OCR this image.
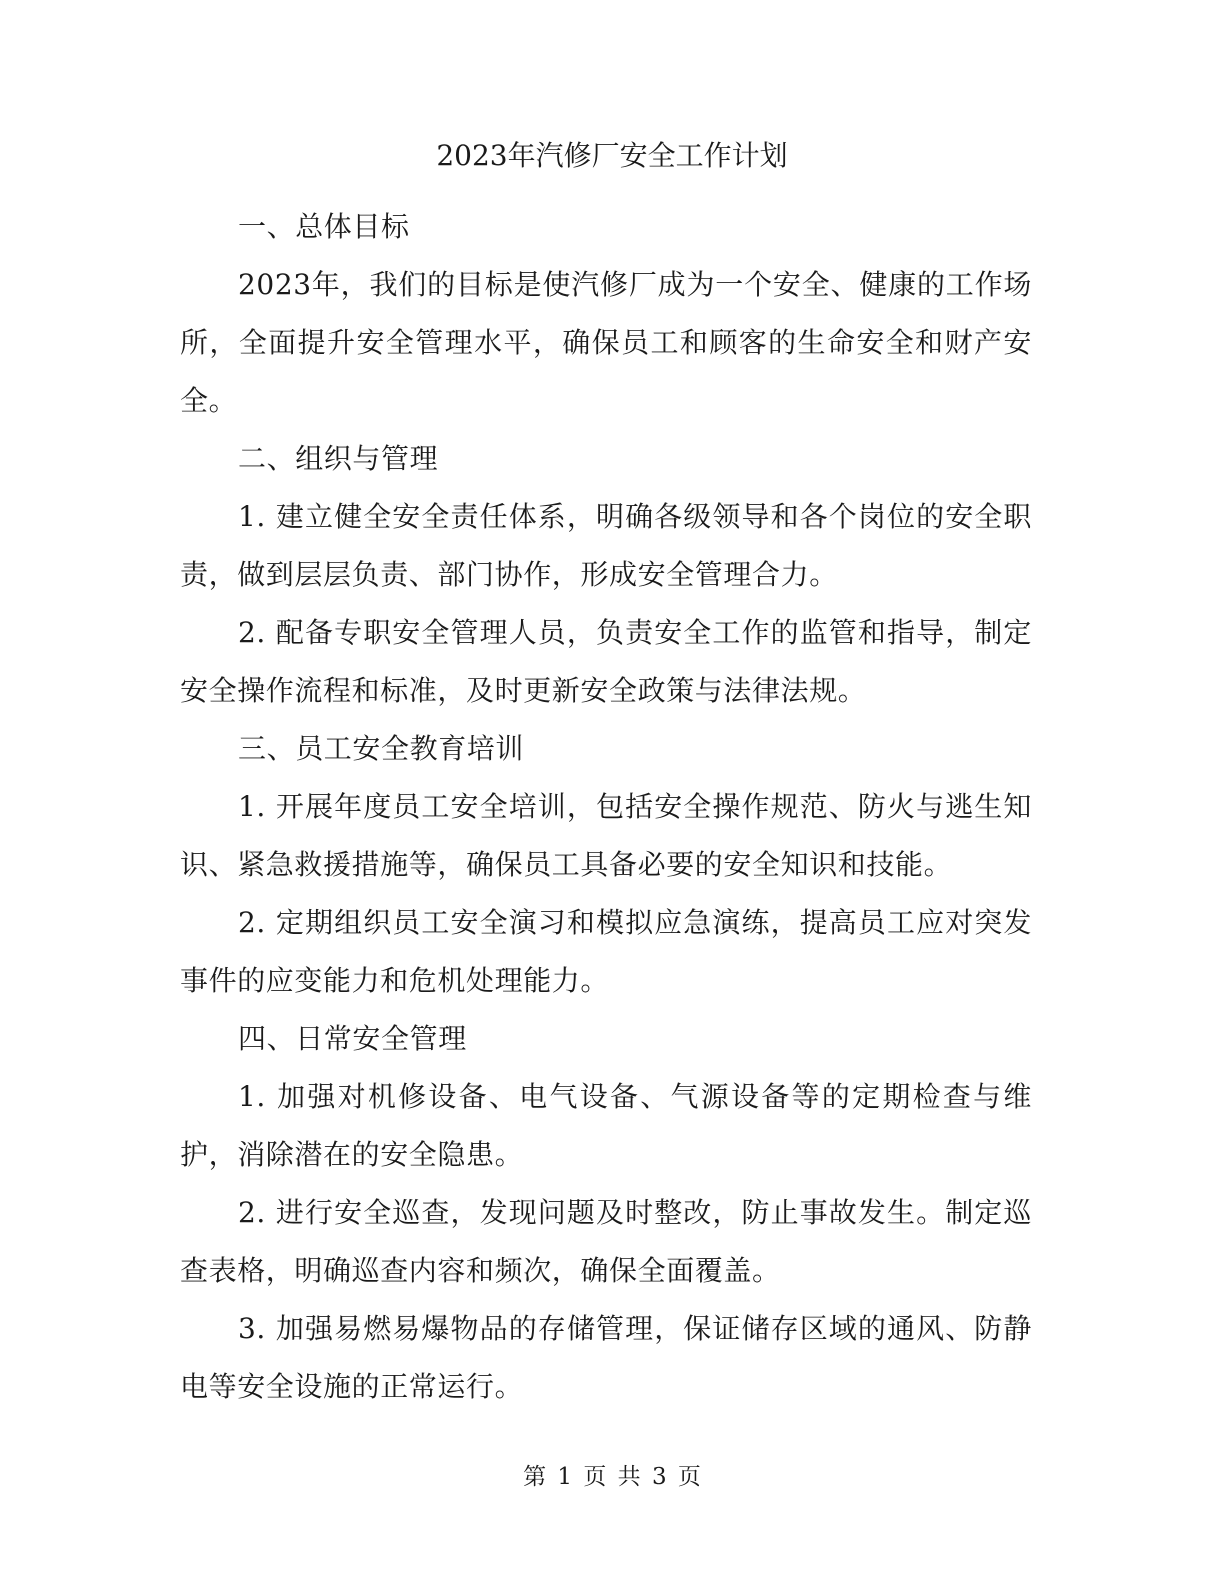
2023年汽修厂安全工作计划

一、总体目标

2023年，我们的目标是使汽修厂成为一个安全、健康的工作场所，全面提升安全管理水平，确保员工和顾客的生命安全和财产安全。

二、组织与管理

1. 建立健全安全责任体系，明确各级领导和各个岗位的安全职责，做到层层负责、部门协作，形成安全管理合力。

2. 配备专职安全管理人员，负责安全工作的监管和指导，制定安全操作流程和标准，及时更新安全政策与法律法规。

三、员工安全教育培训

1. 开展年度员工安全培训，包括安全操作规范、防火与逃生知识、紧急救援措施等，确保员工具备必要的安全知识和技能。

2. 定期组织员工安全演习和模拟应急演练，提高员工应对突发事件的应变能力和危机处理能力。

四、日常安全管理

1. 加强对机修设备、电气设备、气源设备等的定期检查与维护，消除潜在的安全隐患。

2. 进行安全巡查，发现问题及时整改，防止事故发生。制定巡查表格，明确巡查内容和频次，确保全面覆盖。

3. 加强易燃易爆物品的存储管理，保证储存区域的通风、防静电等安全设施的正常运行。

第 1 页 共 3 页
